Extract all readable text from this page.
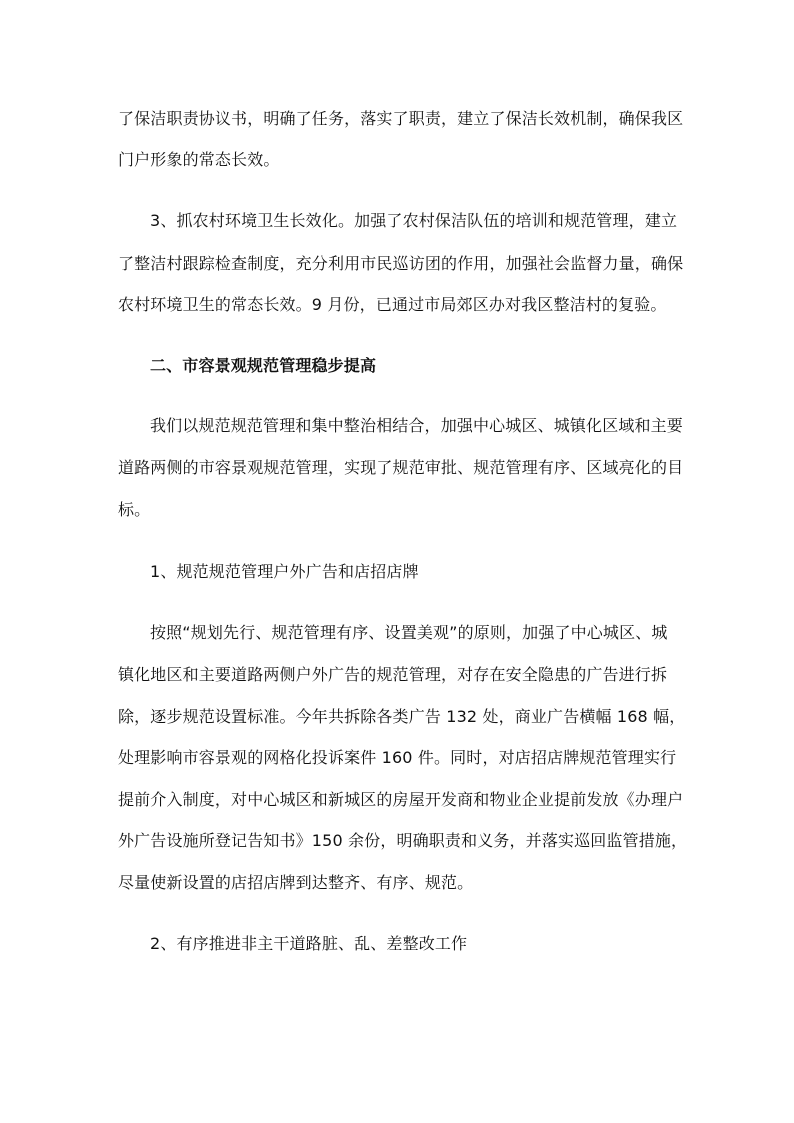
了保洁职责协议书，明确了任务，落实了职责，建立了保洁长效机制，确保我区
门户形象的常态长效。
3、抓农村环境卫生长效化。加强了农村保洁队伍的培训和规范管理，建立
了整洁村跟踪检查制度，充分利用市民巡访团的作用，加强社会监督力量，确保
农村环境卫生的常态长效。9 月份，已通过市局郊区办对我区整洁村的复验。
二、市容景观规范管理稳步提高
我们以规范规范管理和集中整治相结合，加强中心城区、城镇化区域和主要
道路两侧的市容景观规范管理，实现了规范审批、规范管理有序、区域亮化的目
标。
1、规范规范管理户外广告和店招店牌
按照“规划先行、规范管理有序、设置美观”的原则，加强了中心城区、城
镇化地区和主要道路两侧户外广告的规范管理，对存在安全隐患的广告进行拆
除，逐步规范设置标准。今年共拆除各类广告 132 处，商业广告横幅 168 幅，
处理影响市容景观的网格化投诉案件 160 件。同时，对店招店牌规范管理实行
提前介入制度，对中心城区和新城区的房屋开发商和物业企业提前发放《办理户
外广告设施所登记告知书》150 余份，明确职责和义务，并落实巡回监管措施，
尽量使新设置的店招店牌到达整齐、有序、规范。
2、有序推进非主干道路脏、乱、差整改工作
